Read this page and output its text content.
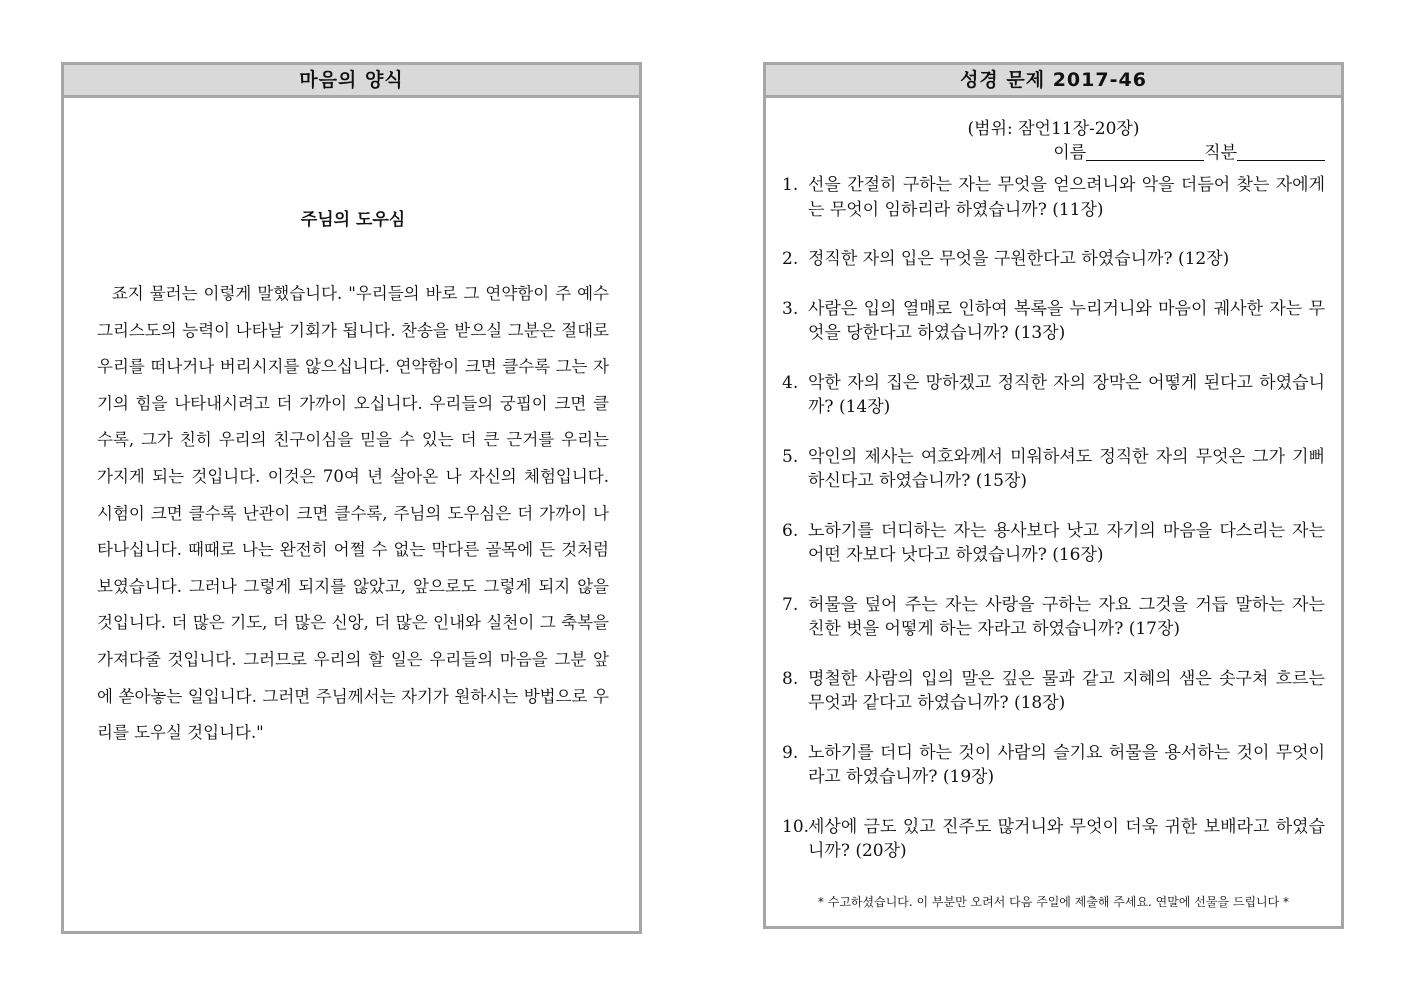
마음의 양식
주님의 도우심

죠지 뮬러는 이렇게 말했습니다. "우리들의 바로 그 연약함이 주 예수 그리스도의 능력이 나타날 기회가 됩니다. 찬송을 받으실 그분은 절대로 우리를 떠나거나 버리시지를 않으십니다. 연약함이 크면 클수록 그는 자기의 힘을 나타내시려고 더 가까이 오십니다. 우리들의 궁핍이 크면 클수록, 그가 친히 우리의 친구이심을 믿을 수 있는 더 큰 근거를 우리는 가지게 되는 것입니다. 이것은 70여 년 살아온 나 자신의 체험입니다. 시험이 크면 클수록 난관이 크면 클수록, 주님의 도우심은 더 가까이 나타나십니다. 때때로 나는 완전히 어쩔 수 없는 막다른 골목에 든 것처럼 보였습니다. 그러나 그렇게 되지를 않았고, 앞으로도 그렇게 되지 않을 것입니다. 더 많은 기도, 더 많은 신앙, 더 많은 인내와 실천이 그 축복을 가져다줄 것입니다. 그러므로 우리의 할 일은 우리들의 마음을 그분 앞에 쏟아놓는 일입니다. 그러면 주님께서는 자기가 원하시는 방법으로 우리를 도우실 것입니다."

성경 문제 2017-46
(범위: 잠언11장-20장)
이름	직분
1. 선을 간절히 구하는 자는 무엇을 얻으려니와 악을 더듬어 찾는 자에게는 무엇이 임하리라 하였습니까? (11장)
2. 정직한 자의 입은 무엇을 구원한다고 하였습니까? (12장)
3. 사람은 입의 열매로 인하여 복록을 누리거니와 마음이 궤사한 자는 무엇을 당한다고 하였습니까? (13장)
4. 악한 자의 집은 망하겠고 정직한 자의 장막은 어떻게 된다고 하였습니까? (14장)
5. 악인의 제사는 여호와께서 미워하셔도 정직한 자의 무엇은 그가 기뻐하신다고 하였습니까? (15장)
6. 노하기를 더디하는 자는 용사보다 낫고 자기의 마음을 다스리는 자는 어떤 자보다 낫다고 하였습니까? (16장)
7. 허물을 덮어 주는 자는 사랑을 구하는 자요 그것을 거듭 말하는 자는 친한 벗을 어떻게 하는 자라고 하였습니까? (17장)
8. 명철한 사람의 입의 말은 깊은 물과 같고 지혜의 샘은 솟구쳐 흐르는 무엇과 같다고 하였습니까? (18장)
9. 노하기를 더디 하는 것이 사람의 슬기요 허물을 용서하는 것이 무엇이라고 하였습니까? (19장)
10.
세상에 금도 있고 진주도 많거니와 무엇이 더욱 귀한 보배라고 하였습니까? (20장)
* 수고하셨습니다. 이 부분만 오려서 다음 주일에 제출해 주세요. 연말에 선물을 드립니다 *
